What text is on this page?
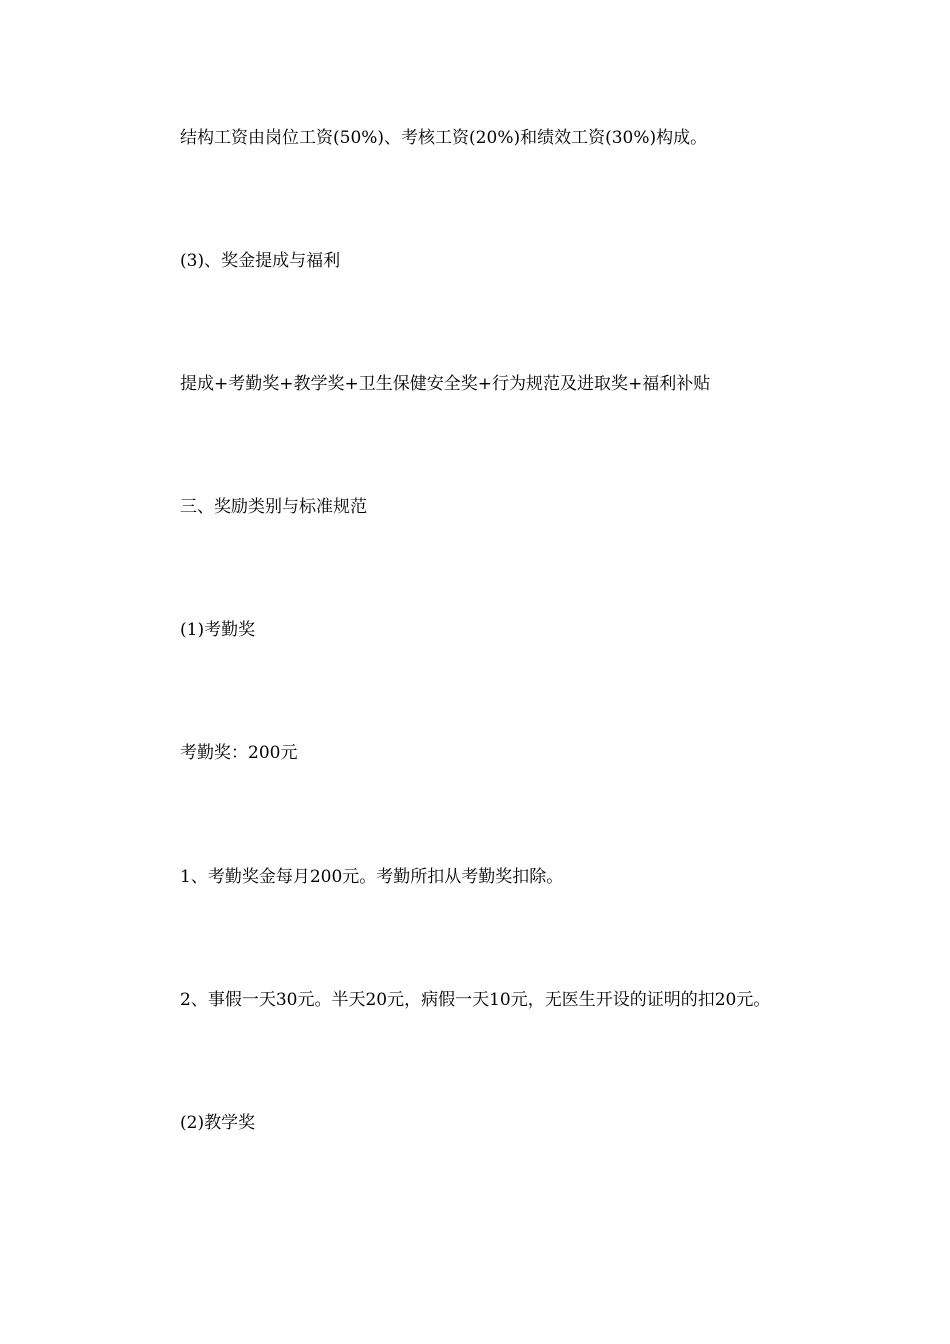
结构工资由岗位工资(50%)、考核工资(20%)和绩效工资(30%)构成。

(3)、奖金提成与福利

提成+考勤奖+教学奖+卫生保健安全奖+行为规范及进取奖+福利补贴

三、奖励类别与标准规范

(1)考勤奖

考勤奖：200元

1、考勤奖金每月200元。考勤所扣从考勤奖扣除。

2、事假一天30元。半天20元，病假一天10元，无医生开设的证明的扣20元。

(2)教学奖
